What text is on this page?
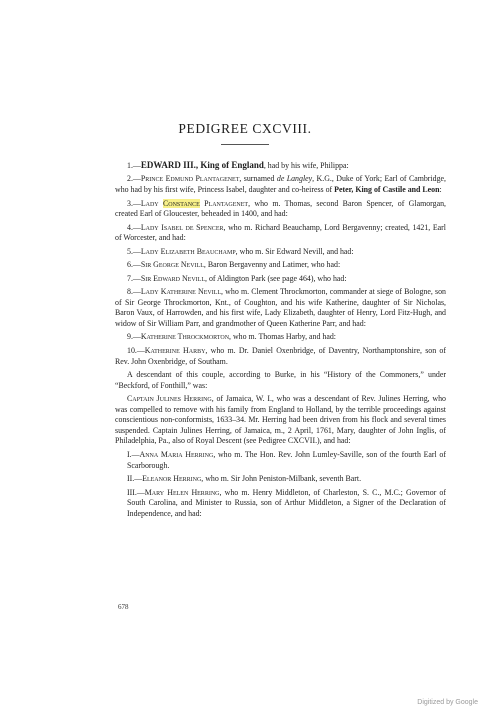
PEDIGREE CXCVIII.

1.—EDWARD III., King of England, had by his wife, Philippa:

2.—Prince Edmund Plantagenet, surnamed de Langley, K.G., Duke of York; Earl of Cambridge, who had by his first wife, Princess Isabel, daughter and co-heiress of Peter, King of Castile and Leon:

3.—Lady Constance Plantagenet, who m. Thomas, second Baron Spencer, of Glamorgan, created Earl of Gloucester, beheaded in 1400, and had:

4.—Lady Isabel de Spencer, who m. Richard Beauchamp, Lord Bergavenny; created, 1421, Earl of Worcester, and had:

5.—Lady Elizabeth Beauchamp, who m. Sir Edward Nevill, and had:

6.—Sir George Nevill, Baron Bergavenny and Latimer, who had:

7.—Sir Edward Nevill, of Aldington Park (see page 464), who had:

8.—Lady Katherine Nevill, who m. Clement Throckmorton, commander at siege of Bologne, son of Sir George Throckmorton, Knt., of Coughton, and his wife Katherine, daughter of Sir Nicholas, Baron Vaux, of Harrowden, and his first wife, Lady Elizabeth, daughter of Henry, Lord Fitz-Hugh, and widow of Sir William Parr, and grandmother of Queen Katherine Parr, and had:

9.—Katherine Throckmorton, who m. Thomas Harby, and had:

10.—Katherine Harby, who m. Dr. Daniel Oxenbridge, of Daventry, Northamptonshire, son of Rev. John Oxenbridge, of Southam.

A descendant of this couple, according to Burke, in his “History of the Commoners,” under “Beckford, of Fonthill,” was:

Captain Julines Herring, of Jamaica, W. I., who was a descendant of Rev. Julines Herring, who was compelled to remove with his family from England to Holland, by the terrible proceedings against conscientious non-conformists, 1633–34. Mr. Herring had been driven from his flock and several times suspended. Captain Julines Herring, of Jamaica, m., 2 April, 1761, Mary, daughter of John Inglis, of Philadelphia, Pa., also of Royal Descent (see Pedigree CXCVII.), and had:

I.—Anna Maria Herring, who m. The Hon. Rev. John Lumley-Saville, son of the fourth Earl of Scarborough.

II.—Eleanor Herring, who m. Sir John Peniston-Milbank, seventh Bart.

III.—Mary Helen Herring, who m. Henry Middleton, of Charleston, S. C., M.C.; Governor of South Carolina, and Minister to Russia, son of Arthur Middleton, a Signer of the Declaration of Independence, and had:

678
Digitized by Google
